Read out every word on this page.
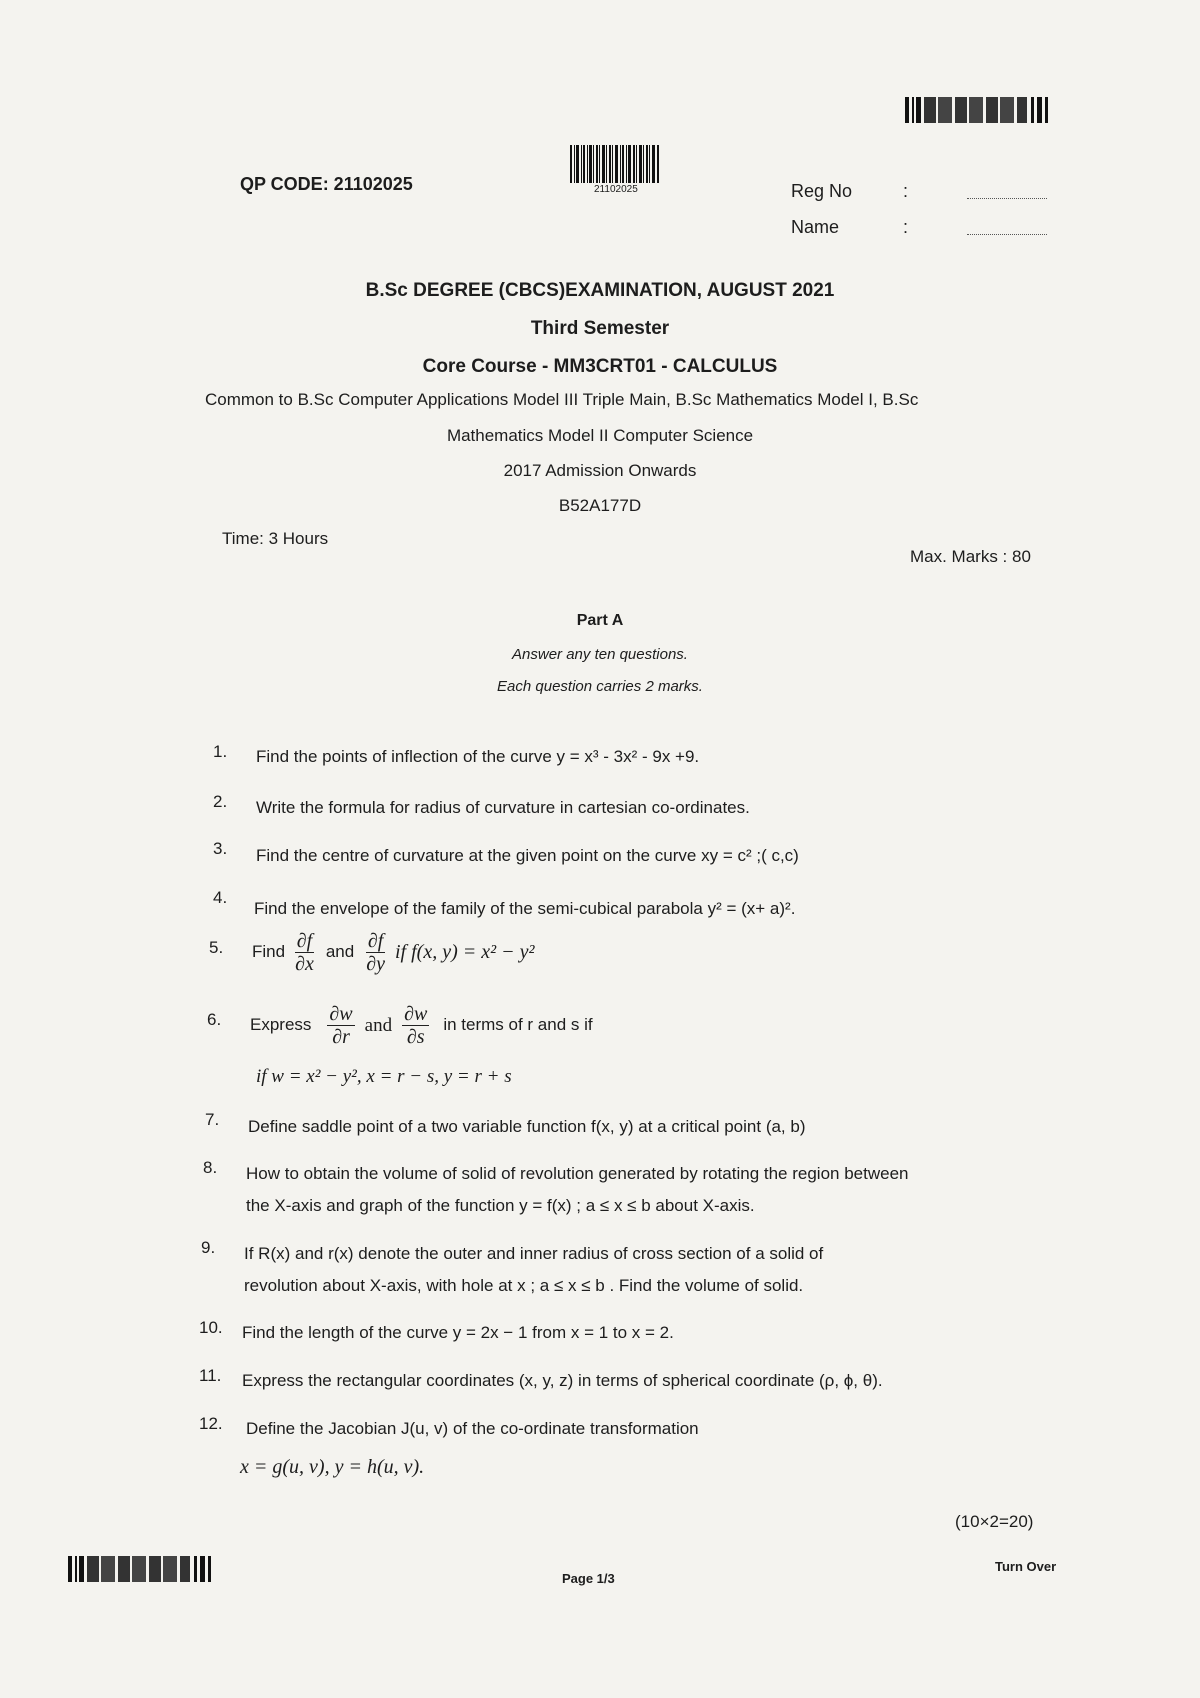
QP CODE: 21102025	21102025	Reg No	:
Name	:
B.Sc DEGREE (CBCS)EXAMINATION, AUGUST 2021
Third Semester
Core Course - MM3CRT01 - CALCULUS
Common to B.Sc Computer Applications Model III Triple Main, B.Sc Mathematics Model I, B.Sc
Mathematics Model II Computer Science
2017 Admission Onwards
B52A177D
Time: 3 Hours
Max. Marks : 80
Part A
Answer any ten questions.
Each question carries 2 marks.
1. Find the points of inflection of the curve y = x³ - 3x² - 9x +9.
2. Write the formula for radius of curvature in cartesian co-ordinates.
3. Find the centre of curvature at the given point on the curve xy = c² ;( c,c)
4.
Find the envelope of the family of the semi-cubical parabola y² = (x+ a)².
5. Find $\frac{\partial f}{\partial x}$ and $\frac{\partial f}{\partial y}$ if f(x, y) = x² − y²
6. Express $\frac{\partial w}{\partial r}$ and $\frac{\partial w}{\partial s}$ in terms of r and s if
if w = x² − y², x = r − s, y = r + s
7. Define saddle point of a two variable function f(x, y) at a critical point (a, b)
8. How to obtain the volume of solid of revolution generated by rotating the region between
the X-axis and graph of the function y = f(x) ; a ≤ x ≤ b about X-axis.
9. If R(x) and r(x) denote the outer and inner radius of cross section of a solid of
revolution about X-axis, with hole at x ; a ≤ x ≤ b . Find the volume of solid.
10. Find the length of the curve y = 2x − 1 from x = 1 to x = 2.
11. Express the rectangular coordinates (x, y, z) in terms of spherical coordinate (ρ, ϕ, θ).
12. Define the Jacobian J(u, v) of the co-ordinate transformation
x = g(u, v), y = h(u, v).
(10×2=20)
Page 1/3
Turn Over
